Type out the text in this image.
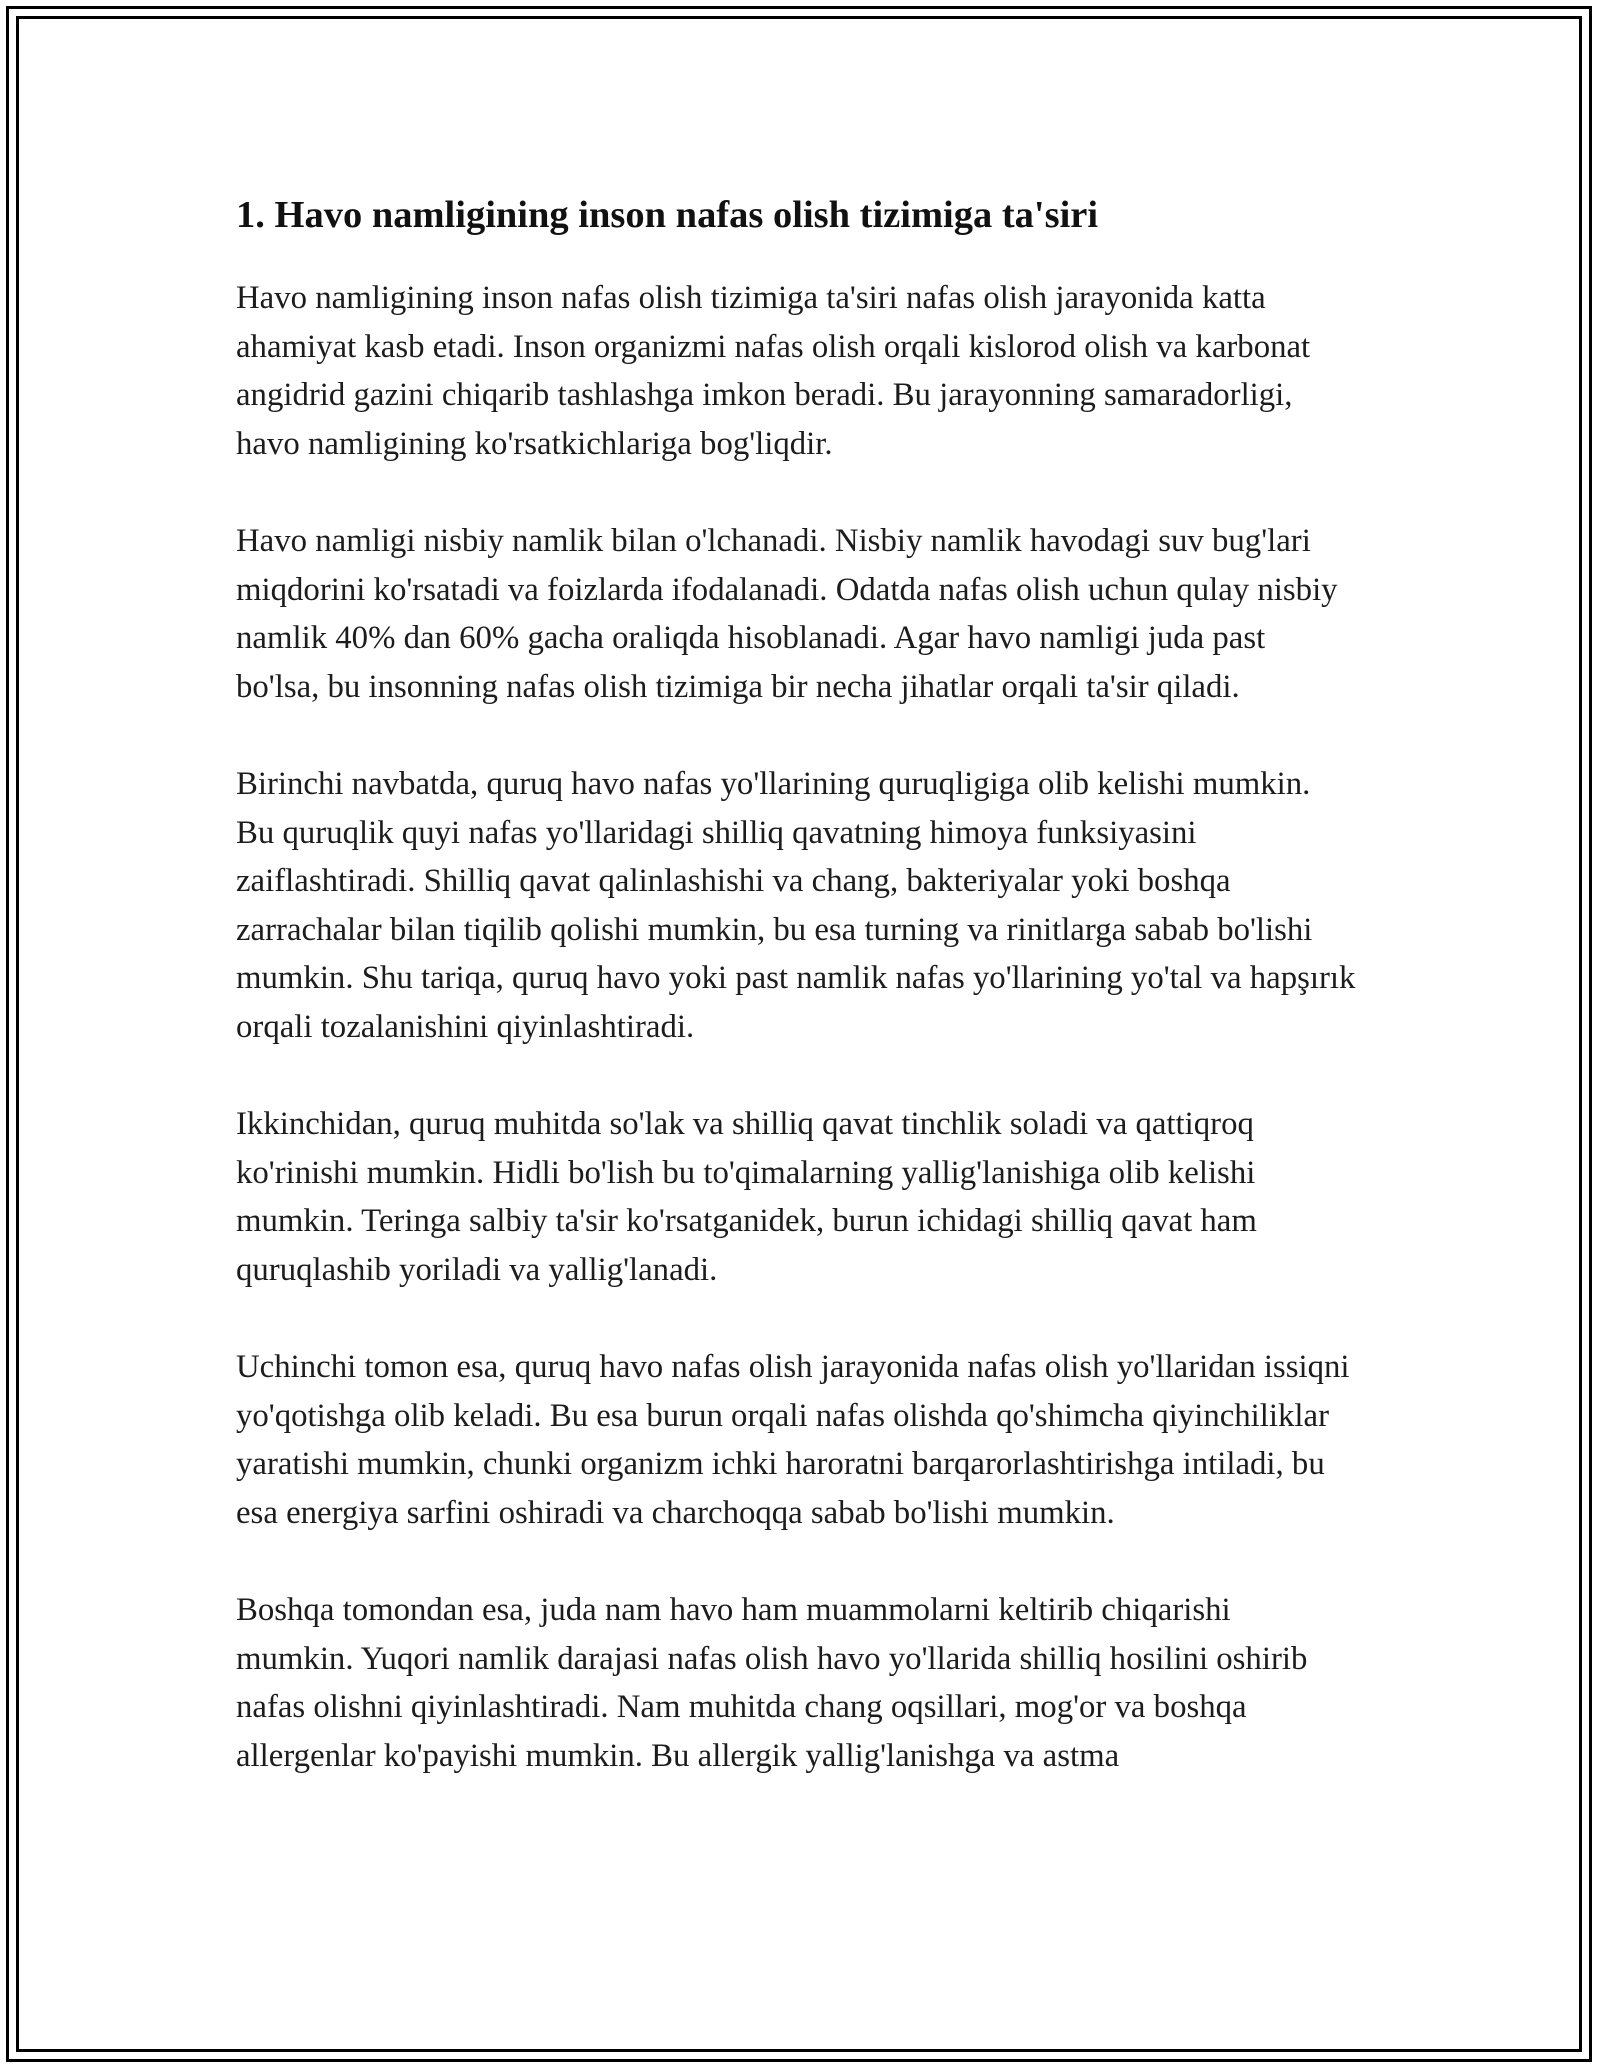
1. Havo namligining inson nafas olish tizimiga ta'siri

Havo namligining inson nafas olish tizimiga ta'siri nafas olish jarayonida katta ahamiyat kasb etadi. Inson organizmi nafas olish orqali kislorod olish va karbonat angidrid gazini chiqarib tashlashga imkon beradi. Bu jarayonning samaradorligi, havo namligining ko'rsatkichlariga bog'liqdir.

Havo namligi nisbiy namlik bilan o'lchanadi. Nisbiy namlik havodagi suv bug'lari miqdorini ko'rsatadi va foizlarda ifodalanadi. Odatda nafas olish uchun qulay nisbiy namlik 40% dan 60% gacha oraliqda hisoblanadi. Agar havo namligi juda past bo'lsa, bu insonning nafas olish tizimiga bir necha jihatlar orqali ta'sir qiladi.

Birinchi navbatda, quruq havo nafas yo'llarining quruqligiga olib kelishi mumkin. Bu quruqlik quyi nafas yo'llaridagi shilliq qavatning himoya funksiyasini zaiflashtiradi. Shilliq qavat qalinlashishi va chang, bakteriyalar yoki boshqa zarrachalar bilan tiqilib qolishi mumkin, bu esa turning va rinitlarga sabab bo'lishi mumkin. Shu tariqa, quruq havo yoki past namlik nafas yo'llarining yo'tal va hapşırık orqali tozalanishini qiyinlashtiradi.

Ikkinchidan, quruq muhitda so'lak va shilliq qavat tinchlik soladi va qattiqroq ko'rinishi mumkin. Hidli bo'lish bu to'qimalarning yallig'lanishiga olib kelishi mumkin. Teringa salbiy ta'sir ko'rsatganidek, burun ichidagi shilliq qavat ham quruqlashib yoriladi va yallig'lanadi.

Uchinchi tomon esa, quruq havo nafas olish jarayonida nafas olish yo'llaridan issiqni yo'qotishga olib keladi. Bu esa burun orqali nafas olishda qo'shimcha qiyinchiliklar yaratishi mumkin, chunki organizm ichki haroratni barqarorlashtirishga intiladi, bu esa energiya sarfini oshiradi va charchoqqa sabab bo'lishi mumkin.

Boshqa tomondan esa, juda nam havo ham muammolarni keltirib chiqarishi mumkin. Yuqori namlik darajasi nafas olish havo yo'llarida shilliq hosilini oshirib nafas olishni qiyinlashtiradi. Nam muhitda chang oqsillari, mog'or va boshqa allergenlar ko'payishi mumkin. Bu allergik yallig'lanishga va astma
